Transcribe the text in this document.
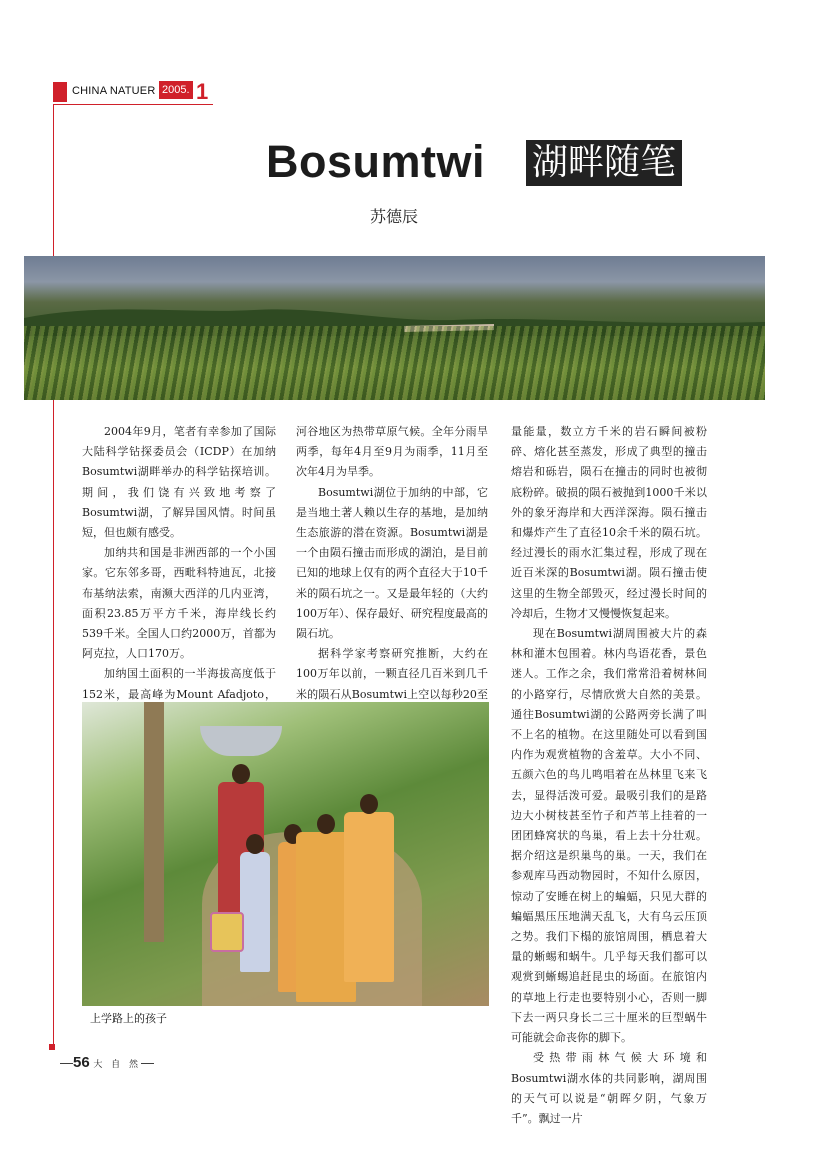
CHINA NATUER 2005. 1
Bosumtwi 湖畔随笔
苏德辰

2004年9月，笔者有幸参加了国际大陆科学钻探委员会（ICDP）在加纳Bosumtwi湖畔举办的科学钻探培训。期间，我们饶有兴致地考察了Bosumtwi湖，了解异国风情。时间虽短，但也颇有感受。

加纳共和国是非洲西部的一个小国家。它东邻多哥，西毗科特迪瓦，北接布基纳法索，南濒大西洋的几内亚湾，面积23.85万平方千米，海岸线长约539千米。全国人口约2000万，首都为阿克拉，人口170万。

加纳国土面积的一半海拔高度低于152米，最高峰为Mount Afadjoto，

河谷地区为热带草原气候。全年分雨旱两季，每年4月至9月为雨季，11月至次年4月为旱季。

Bosumtwi湖位于加纳的中部，它是当地土著人赖以生存的基地，是加纳生态旅游的潜在资源。Bosumtwi湖是一个由陨石撞击而形成的湖泊，是目前已知的地球上仅有的两个直径大于10千米的陨石坑之一。又是最年轻的（大约100万年）、保存最好、研究程度最高的陨石坑。

据科学家考察研究推断，大约在100万年以前，一颗直径几百米到几千米的陨石从Bosumtwi上空以每秒20至

量能量，数立方千米的岩石瞬间被粉碎、熔化甚至蒸发，形成了典型的撞击熔岩和砾岩，陨石在撞击的同时也被彻底粉碎。破损的陨石被抛到1000千米以外的象牙海岸和大西洋深海。陨石撞击和爆炸产生了直径10余千米的陨石坑。经过漫长的雨水汇集过程，形成了现在近百米深的Bosumtwi湖。陨石撞击使这里的生物全部毁灭，经过漫长时间的冷却后，生物才又慢慢恢复起来。

现在Bosumtwi湖周围被大片的森林和灌木包围着。林内鸟语花香，景色迷人。工作之余，我们常常沿着树林间的小路穿行，尽情欣赏大自然的美景。通往Bosumtwi湖的公路两旁长满了叫不上名的植物。在这里随处可以看到国内作为观赏植物的含羞草。大小不同、五颜六色的鸟儿鸣唱着在丛林里飞来飞去，显得活泼可爱。最吸引我们的是路边大小树枝甚至竹子和芦苇上挂着的一团团蜂窝状的鸟巢，看上去十分壮观。据介绍这是织巢鸟的巢。一天，我们在参观库马西动物园时，不知什么原因，惊动了安睡在树上的蝙蝠，只见大群的蝙蝠黑压压地满天乱飞，大有乌云压顶之势。我们下榻的旅馆周围，栖息着大量的蜥蜴和蜗牛。几乎每天我们都可以观赏到蜥蜴追赶昆虫的场面。在旅馆内的草地上行走也要特别小心，否则一脚下去一两只身长二三十厘米的巨型蜗牛可能就会命丧你的脚下。

受热带雨林气候大环境和Bosumtwi湖水体的共同影响，湖周围的天气可以说是“朝晖夕阴，气象万千”。飘过一片

上学路上的孩子
—56 大 自 然—
